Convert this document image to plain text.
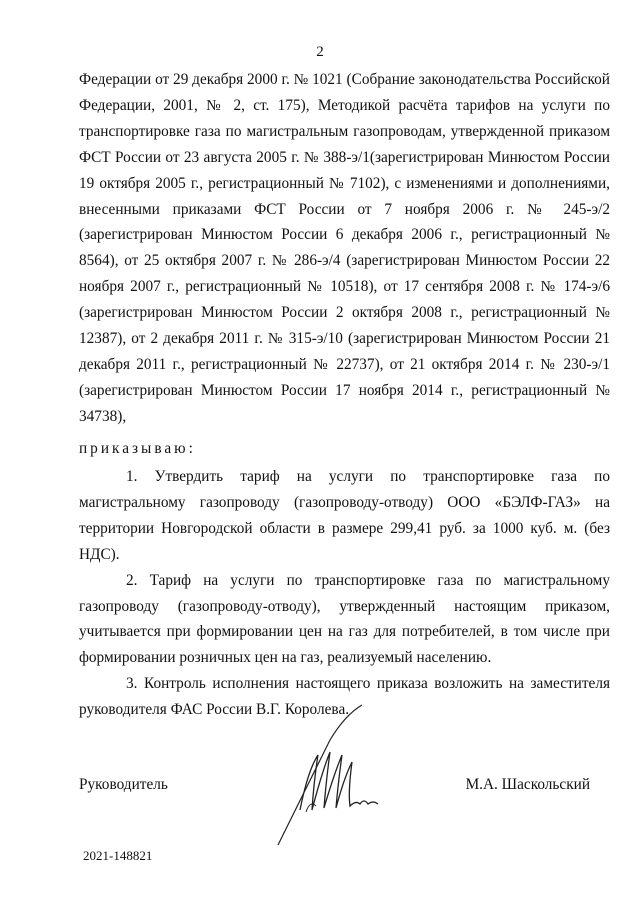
2

Федерации от 29 декабря 2000 г. № 1021 (Собрание законодательства Российской Федерации, 2001, № 2, ст. 175), Методикой расчёта тарифов на услуги по транспортировке газа по магистральным газопроводам, утвержденной приказом ФСТ России от 23 августа 2005 г. № 388-э/1(зарегистрирован Минюстом России 19 октября 2005 г., регистрационный № 7102), с изменениями и дополнениями, внесенными приказами ФСТ России от 7 ноября 2006 г. № 245-э/2 (зарегистрирован Минюстом России 6 декабря 2006 г., регистрационный № 8564), от 25 октября 2007 г. № 286-э/4 (зарегистрирован Минюстом России 22 ноября 2007 г., регистрационный № 10518), от 17 сентября 2008 г. № 174-э/6 (зарегистрирован Минюстом России 2 октября 2008 г., регистрационный № 12387), от 2 декабря 2011 г. № 315-э/10 (зарегистрирован Минюстом России 21 декабря 2011 г., регистрационный № 22737), от 21 октября 2014 г. № 230-э/1 (зарегистрирован Минюстом России 17 ноября 2014 г., регистрационный № 34738),

приказываю:

1. Утвердить тариф на услуги по транспортировке газа по магистральному газопроводу (газопроводу-отводу) ООО «БЭЛФ-ГАЗ» на территории Новгородской области в размере 299,41 руб. за 1000 куб. м. (без НДС).

2. Тариф на услуги по транспортировке газа по магистральному газопроводу (газопроводу-отводу), утвержденный настоящим приказом, учитывается при формировании цен на газ для потребителей, в том числе при формировании розничных цен на газ, реализуемый населению.

3. Контроль исполнения настоящего приказа возложить на заместителя руководителя ФАС России В.Г. Королева.

Руководитель	М.А. Шаскольский
2021-148821
